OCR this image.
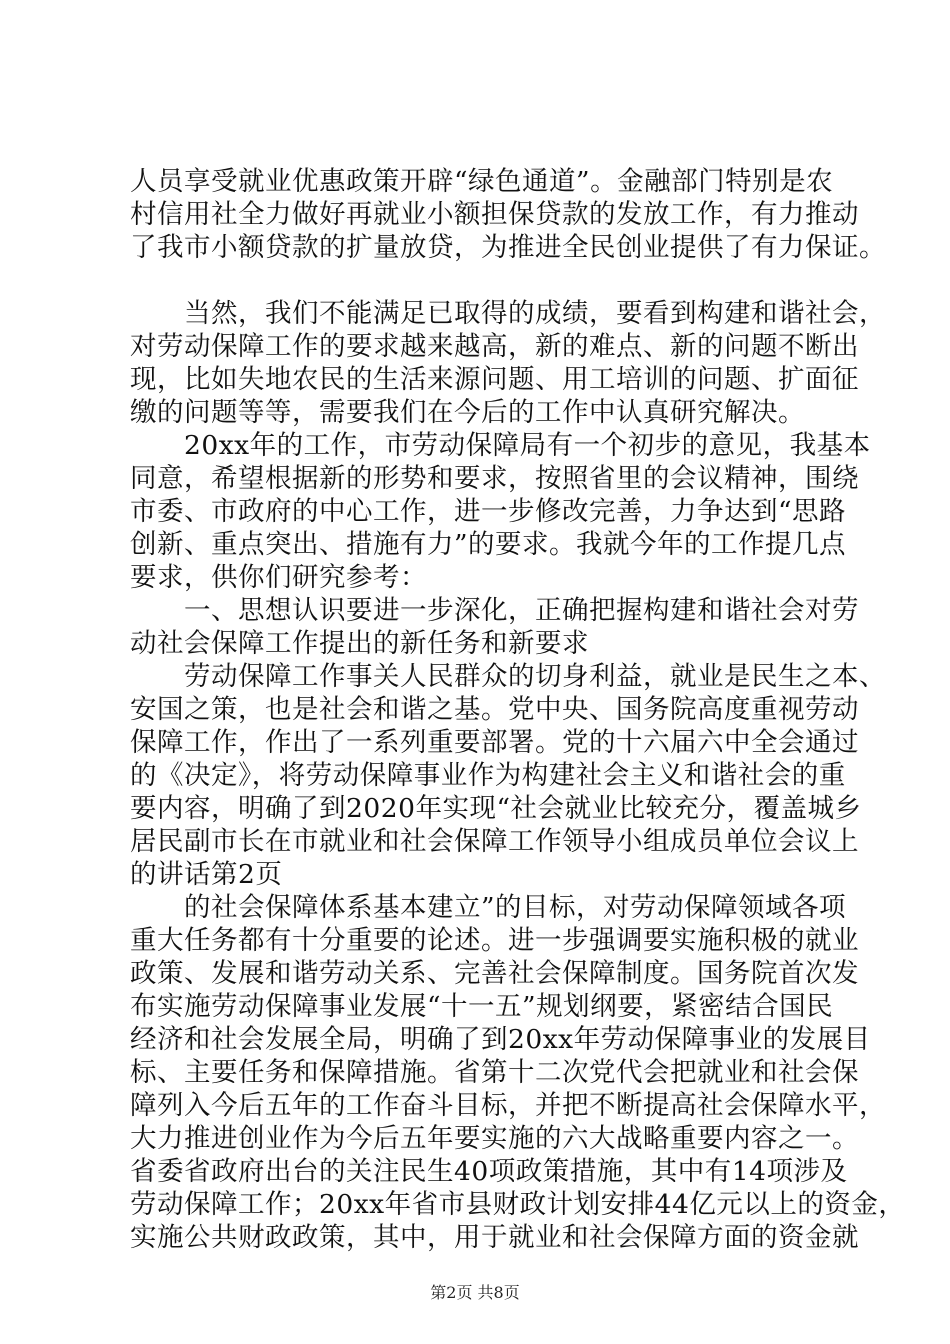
人员享受就业优惠政策开辟“绿色通道”。金融部门特别是农
村信用社全力做好再就业小额担保贷款的发放工作，有力推动
了我市小额贷款的扩量放贷，为推进全民创业提供了有力保证。
　　当然，我们不能满足已取得的成绩，要看到构建和谐社会，
对劳动保障工作的要求越来越高，新的难点、新的问题不断出
现，比如失地农民的生活来源问题、用工培训的问题、扩面征
缴的问题等等，需要我们在今后的工作中认真研究解决。
　　20xx年的工作，市劳动保障局有一个初步的意见，我基本
同意，希望根据新的形势和要求，按照省里的会议精神，围绕
市委、市政府的中心工作，进一步修改完善，力争达到“思路
创新、重点突出、措施有力”的要求。我就今年的工作提几点
要求，供你们研究参考：
　　一、思想认识要进一步深化，正确把握构建和谐社会对劳
动社会保障工作提出的新任务和新要求
　　劳动保障工作事关人民群众的切身利益，就业是民生之本、
安国之策，也是社会和谐之基。党中央、国务院高度重视劳动
保障工作，作出了一系列重要部署。党的十六届六中全会通过
的《决定》，将劳动保障事业作为构建社会主义和谐社会的重
要内容，明确了到2020年实现“社会就业比较充分，覆盖城乡
居民副市长在市就业和社会保障工作领导小组成员单位会议上
的讲话第2页
　　的社会保障体系基本建立”的目标，对劳动保障领域各项
重大任务都有十分重要的论述。进一步强调要实施积极的就业
政策、发展和谐劳动关系、完善社会保障制度。国务院首次发
布实施劳动保障事业发展“十一五”规划纲要，紧密结合国民
经济和社会发展全局，明确了到20xx年劳动保障事业的发展目
标、主要任务和保障措施。省第十二次党代会把就业和社会保
障列入今后五年的工作奋斗目标，并把不断提高社会保障水平，
大力推进创业作为今后五年要实施的六大战略重要内容之一。
省委省政府出台的关注民生40项政策措施，其中有14项涉及
劳动保障工作；20xx年省市县财政计划安排44亿元以上的资金，
实施公共财政政策，其中，用于就业和社会保障方面的资金就
第2页 共8页
